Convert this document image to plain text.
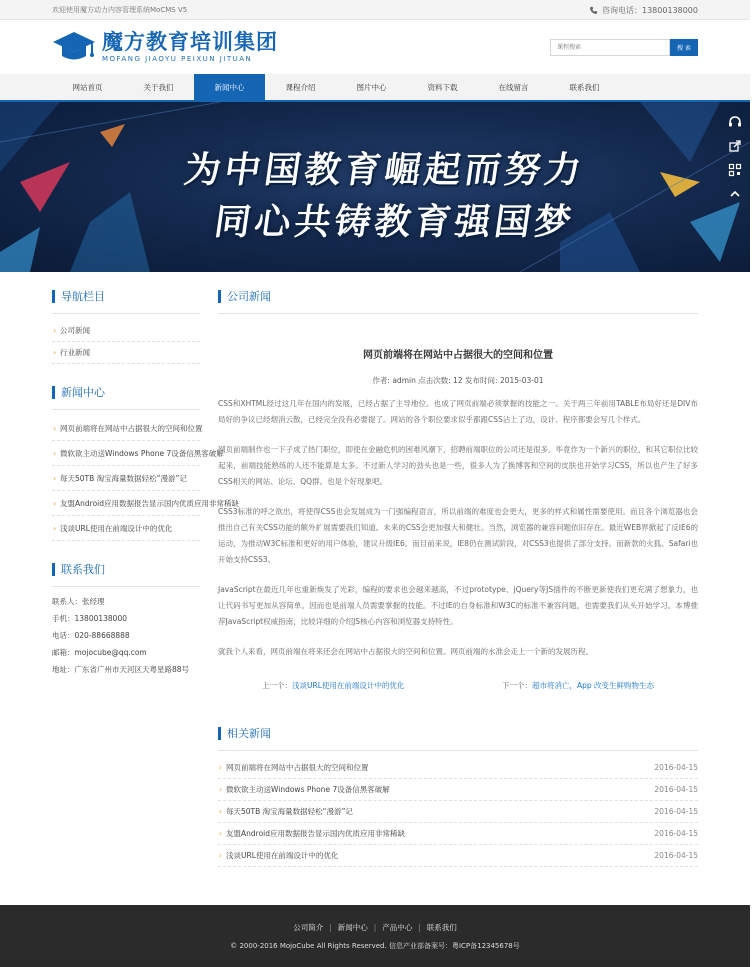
欢迎使用魔方动力内容管理系统MoCMS V5	咨询电话：13800138000
魔方教育培训集团
MOFANG JIAOYU PEIXUN JITUAN
课程搜索
搜 索
网站首页	关于我们	新闻中心	课程介绍	图片中心	资料下载	在线留言	联系我们
为中国教育崛起而努力
同心共铸教育强国梦
导航栏目
› 公司新闻
› 行业新闻
新闻中心
› 网页前端将在网站中占据很大的空间和位置
› 微软欲主动送Windows Phone 7设备信黑客破解
› 每天50TB 淘宝海量数据轻松“漫游”记
› 友盟Android应用数据报告显示国内优质应用非常稀缺
› 浅谈URL使用在前端设计中的优化
联系我们
联系人：张经理
手机：13800138000
电话：020-88668888
邮箱：mojocube@qq.com
地址：广东省广州市天河区天粤星路88号
公司新闻
网页前端将在网站中占据很大的空间和位置
作者: admin 点击次数: 12 发布时间: 2015-03-01

CSS和XHTML经过这几年在国内的发展，已经占据了主导地位。也成了网页前端必须掌握的技能之一。关于两三年前用TABLE布局好还是DIV布局好的争议已经烟消云散，已经完全没有必要提了。网站的各个职位要求似乎都跟CSS沾上了边，设计、程序都要会写几个样式。

网页前端制作也一下子成了热门职位，即使在金融危机的困难风潮下，招聘前端职位的公司还是很多。毕竟作为一个新兴的职位，和其它职位比较起来，前端技能熟练的人还不能算是太多。不过新人学习的劲头也是一些，很多人为了换博客和空间的皮肤也开始学习CSS，所以也产生了好多CSS相关的网站、论坛、QQ群。也是个好现象吧。

CSS3标准的呼之欲出，将使得CSS也会发展成为一门强编程语言，所以前端的难度也会更大，更多的样式和属性需要使用。而且各个浏览器也会推出自己有关CSS功能的额外扩展需要我们知道。未来的CSS会更加强大和健壮。当然，浏览器的兼容问题依旧存在。最近WEB界掀起了反IE6的运动，为推动W3C标准和更好的用户体验，建议升级IE6。而目前来说，IE8仍在测试阶段，对CSS3也提供了部分支持。而新款的火狐、Safari也开始支持CSS3。

JavaScript在最近几年也重新焕发了光彩，编程的要求也会越来越高，不过prototype、jQuery等JS插件的不断更新使我们更充满了想象力，也让代码书写更加从容简单。因而也是前端人员需要掌握的技能。不过IE的自身标准和W3C的标准不兼容问题，也需要我们从头开始学习。本博推荐JavaScript权威指南，比较详细的介绍JS核心内容和浏览器支持特性。

就我个人来看，网页前端在将来还会在网站中占据很大的空间和位置。网页前端的水准会走上一个新的发展历程。

上一个：浅谈URL使用在前端设计中的优化	下一个：超市将消亡，App 改变生鲜购物生态
相关新闻
› 网页前端将在网站中占据很大的空间和位置	2016-04-15
› 微软欲主动送Windows Phone 7设备信黑客破解	2016-04-15
› 每天50TB 淘宝海量数据轻松“漫游”记	2016-04-15
› 友盟Android应用数据报告显示国内优质应用非常稀缺	2016-04-15
› 浅谈URL使用在前端设计中的优化	2016-04-15
公司简介 | 新闻中心 | 产品中心 | 联系我们
© 2000-2016 MojoCube All Rights Reserved. 信息产业部备案号：粤ICP备12345678号
